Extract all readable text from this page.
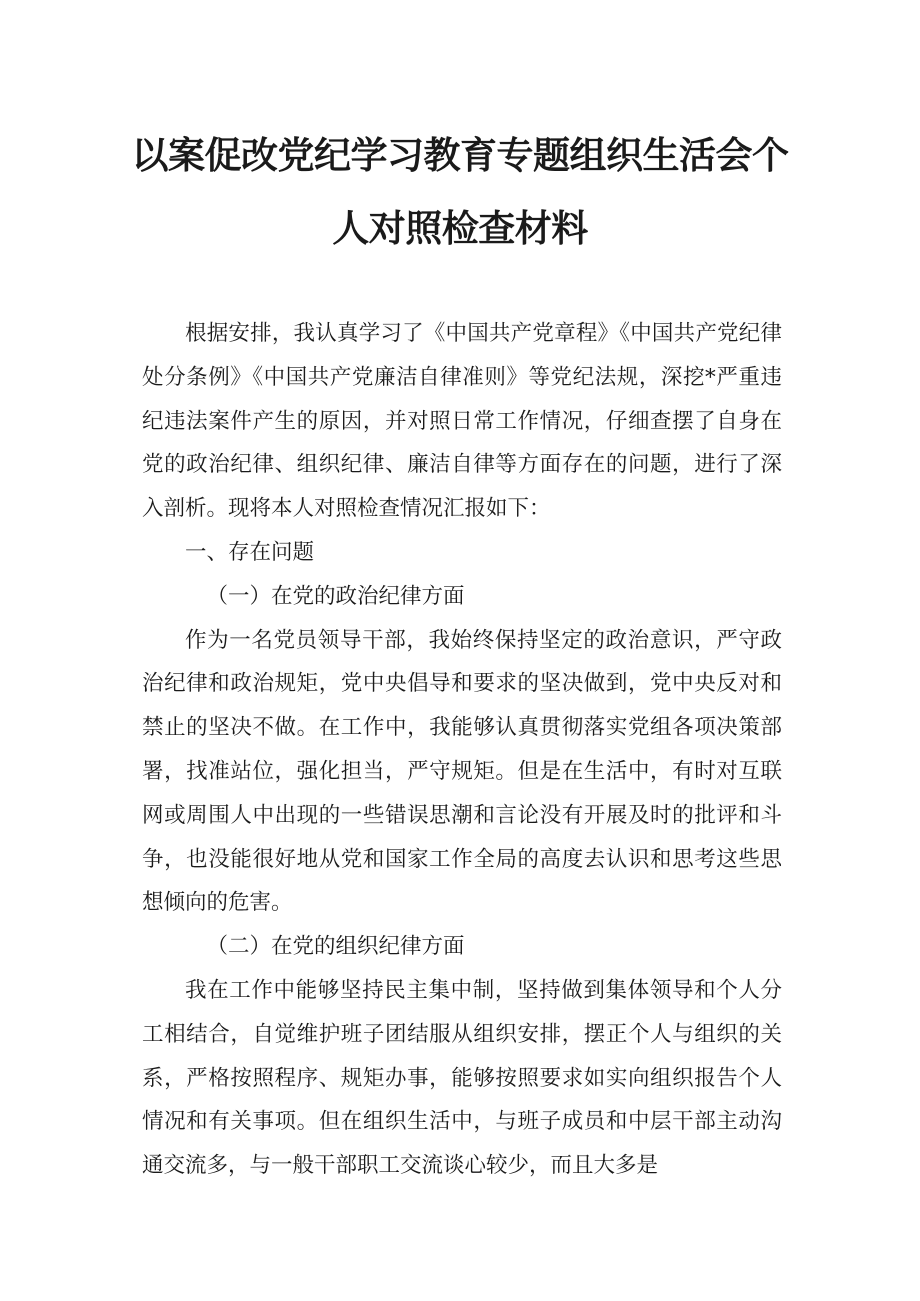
以案促改党纪学习教育专题组织生活会个
人对照检查材料

根据安排，我认真学习了《中国共产党章程》《中国共产党纪律处分条例》《中国共产党廉洁自律准则》等党纪法规，深挖*严重违纪违法案件产生的原因，并对照日常工作情况，仔细查摆了自身在党的政治纪律、组织纪律、廉洁自律等方面存在的问题，进行了深入剖析。现将本人对照检查情况汇报如下：

一、存在问题

（一）在党的政治纪律方面

作为一名党员领导干部，我始终保持坚定的政治意识，严守政治纪律和政治规矩，党中央倡导和要求的坚决做到，党中央反对和禁止的坚决不做。在工作中，我能够认真贯彻落实党组各项决策部署，找准站位，强化担当，严守规矩。但是在生活中，有时对互联网或周围人中出现的一些错误思潮和言论没有开展及时的批评和斗争，也没能很好地从党和国家工作全局的高度去认识和思考这些思想倾向的危害。

（二）在党的组织纪律方面

我在工作中能够坚持民主集中制，坚持做到集体领导和个人分工相结合，自觉维护班子团结服从组织安排，摆正个人与组织的关系，严格按照程序、规矩办事，能够按照要求如实向组织报告个人情况和有关事项。但在组织生活中，与班子成员和中层干部主动沟通交流多，与一般干部职工交流谈心较少，而且大多是
